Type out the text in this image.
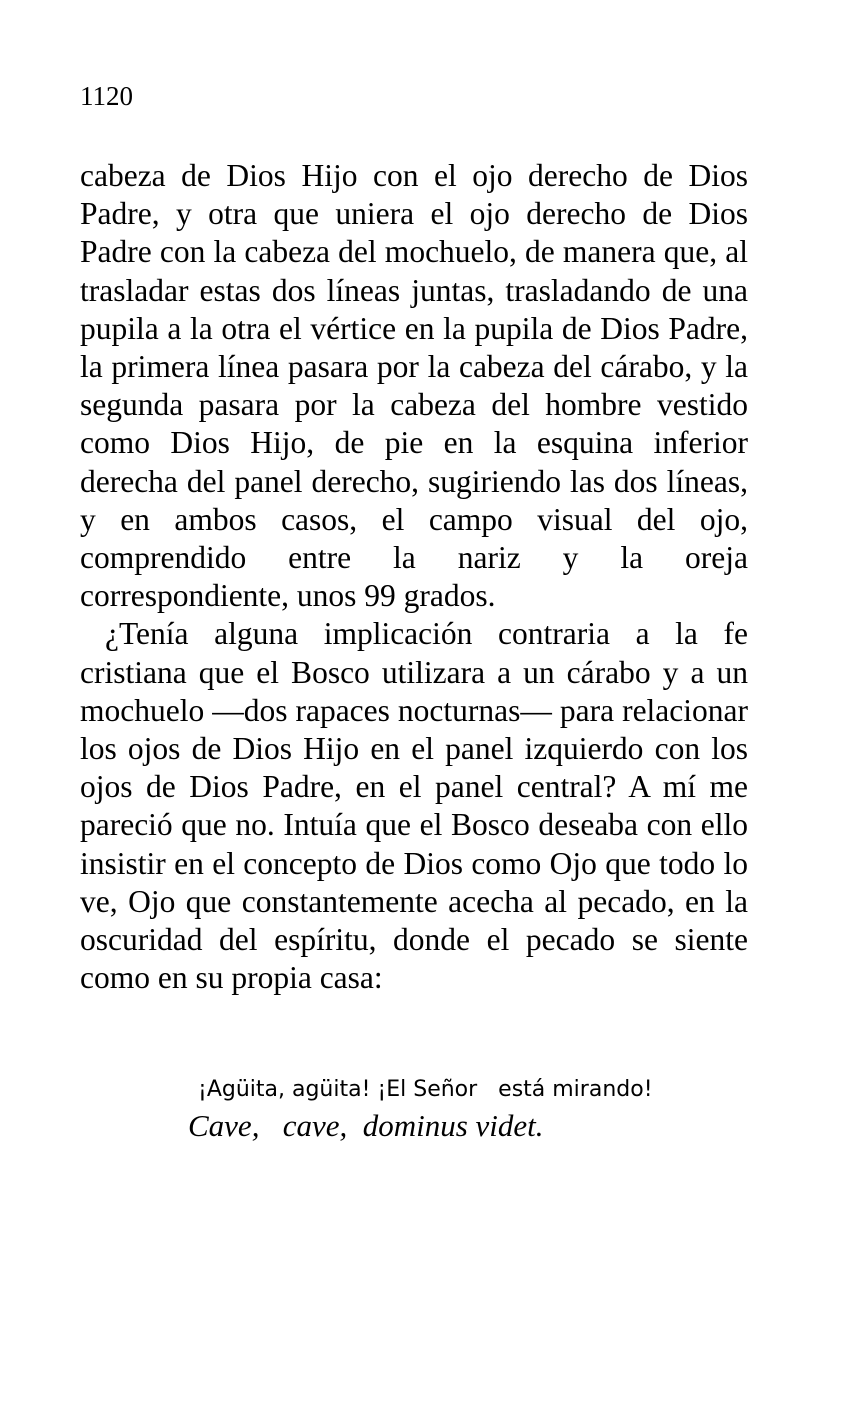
1120

cabeza de Dios Hijo con el ojo derecho de Dios Padre, y otra que uniera el ojo derecho de Dios Padre con la cabeza del mochuelo, de manera que, al trasladar estas dos líneas juntas, trasladando de una pupila a la otra el vértice en la pupila de Dios Padre, la primera línea pasara por la cabeza del cárabo, y la segunda pasara por la cabeza del hombre vestido como Dios Hijo, de pie en la esquina inferior derecha del panel derecho, sugiriendo las dos líneas, y en ambos casos, el campo visual del ojo, comprendido entre la nariz y la oreja correspondiente, unos 99 grados.

¿Tenía alguna implicación contraria a la fe cristiana que el Bosco utilizara a un cárabo y a un mochuelo —dos rapaces nocturnas— para relacionar los ojos de Dios Hijo en el panel izquierdo con los ojos de Dios Padre, en el panel central? A mí me pareció que no. Intuía que el Bosco deseaba con ello insistir en el concepto de Dios como Ojo que todo lo ve, Ojo que constantemente acecha al pecado, en la oscuridad del espíritu, donde el pecado se siente como en su propia casa:

¡Agüita, agüita! ¡El Señor   está mirando!
Cave,   cave,  dominus videt.
